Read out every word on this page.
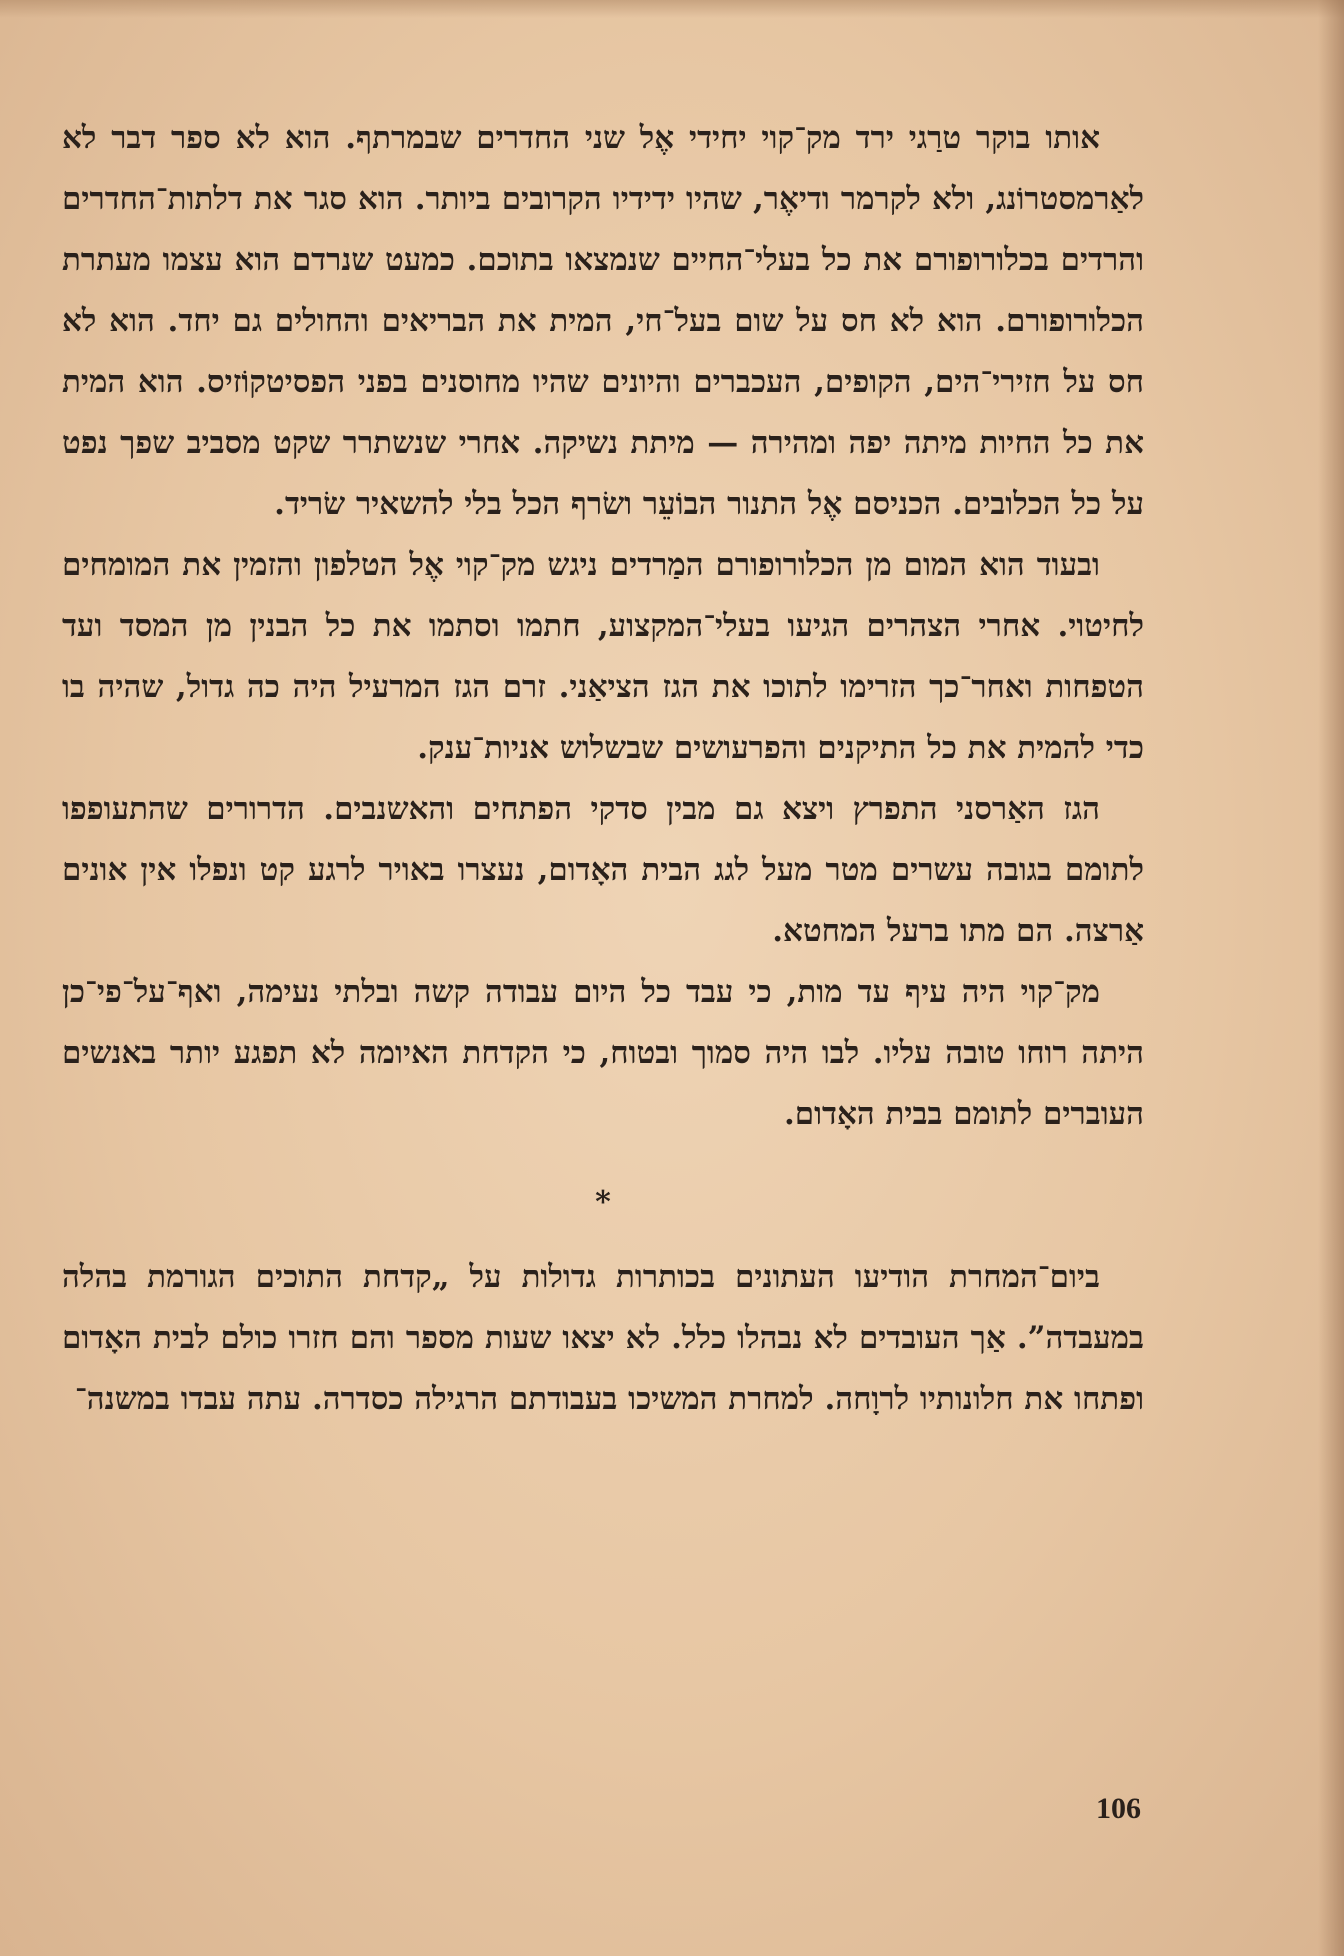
אותו בוקר טרַגי ירד מק־קוי יחידי אֶל שני החדרים שבמרתף. הוא לא ספר דבר לא לאַרמסטרוֹנג, ולא לקרמר ודיאֶר, שהיו ידידיו הקרובים ביותר. הוא סגר את דלתות־החדרים והרדים בכלורופורם את כל בעלי־החיים שנמצאו בתוכם. כמעט שנרדם הוא עצמו מעתרת הכלורופורם. הוא לא חס על שום בעל־חי, המית את הבריאים והחולים גם יחד. הוא לא חס על חזירי־הים, הקופים, העכברים והיונים שהיו מחוסנים בפני הפסיטקוֹזיס. הוא המית את כל החיות מיתה יפה ומהירה — מיתת נשיקה. אחרי שנשתרר שקט מסביב שפך נפט על כל הכלובים. הכניסם אֶל התנור הבוֹעֵר ושׂרף הכל בלי להשאיר שׂריד.

ובעוד הוא המום מן הכלורופורם המַרדים ניגש מק־קוי אֶל הטלפון והזמין את המומחים לחיטוי. אחרי הצהרים הגיעו בעלי־המקצוע, חתמו וסתמו את כל הבנין מן המסד ועד הטפחות ואחר־כך הזרימו לתוכו את הגז הציאַני. זרם הגז המרעיל היה כה גדול, שהיה בו כדי להמית את כל התיקנים והפרעושים שבשלוש אניות־ענק.

הגז האַרסני התפרץ ויצא גם מבין סדקי הפתחים והאשנבים. הדרורים שהתעופפו לתומם בגובה עשרים מטר מעל לגג הבית האָדום, נעצרו באויר לרגע קט ונפלו אין אונים אַרצה. הם מתו ברעל המחטא.

מק־קוי היה עיף עד מות, כי עבד כל היום עבודה קשה ובלתי נעימה, ואף־על־פי־כן היתה רוחו טובה עליו. לבו היה סמוך ובטוח, כי הקדחת האיומה לא תפגע יותר באנשים העוברים לתומם בבית האָדום.

*

ביום־המחרת הודיעו העתונים בכותרות גדולות על „קדחת התוכים הגורמת בהלה במעבדה”. אַך העובדים לא נבהלו כלל. לא יצאו שעות מספר והם חזרו כולם לבית האָדום ופתחו את חלונותיו לרוָחה. למחרת המשיכו בעבודתם הרגילה כסדרה. עתה עבדו במשנה־

106
